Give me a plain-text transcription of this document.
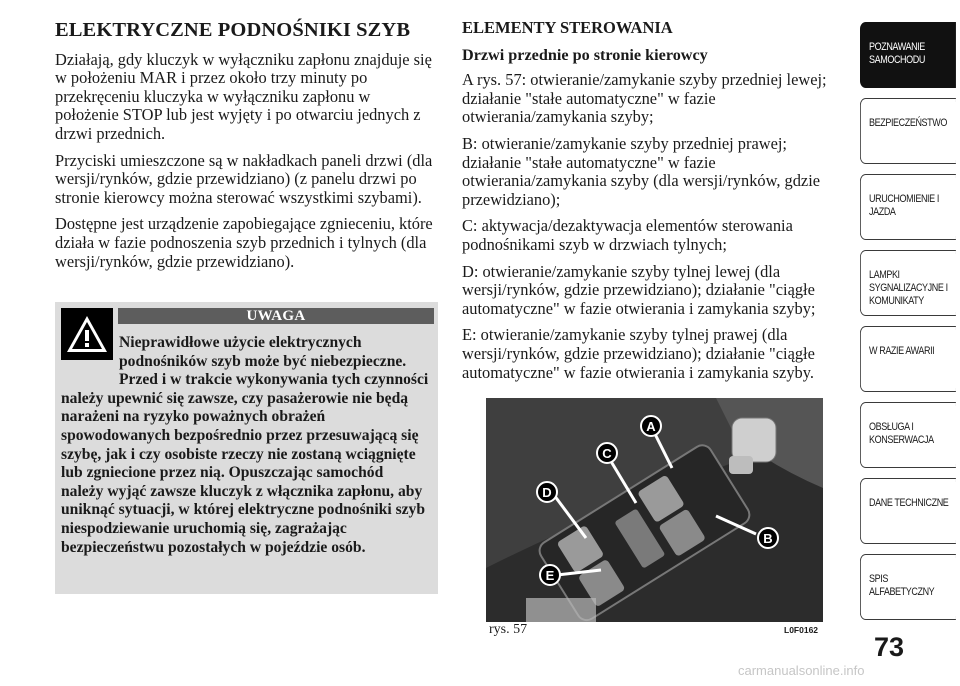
ELEKTRYCZNE PODNOŚNIKI SZYB

Działają, gdy kluczyk w wyłączniku zapłonu znajduje się w położeniu MAR i przez około trzy minuty po przekręceniu kluczyka w wyłączniku zapłonu w położenie STOP lub jest wyjęty i po otwarciu jednych z drzwi przednich.

Przyciski umieszczone są w nakładkach paneli drzwi (dla wersji/rynków, gdzie przewidziano) (z panelu drzwi po stronie kierowcy można sterować wszystkimi szybami).

Dostępne jest urządzenie zapobiegające zgnieceniu, które działa w fazie podnoszenia szyb przednich i tylnych (dla wersji/rynków, gdzie przewidziano).

UWAGA

Nieprawidłowe użycie elektrycznych podnośników szyb może być niebezpieczne. Przed i w trakcie wykonywania tych czynności należy upewnić się zawsze, czy pasażerowie nie będą narażeni na ryzyko poważnych obrażeń spowodowanych bezpośrednio przez przesuwającą się szybę, jak i czy osobiste rzeczy nie zostaną wciągnięte lub zgniecione przez nią. Opuszczając samochód należy wyjąć zawsze kluczyk z włącznika zapłonu, aby uniknąć sytuacji, w której elektryczne podnośniki szyb niespodziewanie uruchomią się, zagrażając bezpieczeństwu pozostałych w pojeździe osób.

ELEMENTY STEROWANIA
Drzwi przednie po stronie kierowcy

A rys. 57: otwieranie/zamykanie szyby przedniej lewej; działanie "stałe automatyczne" w fazie otwierania/zamykania szyby;

B: otwieranie/zamykanie szyby przedniej prawej; działanie "stałe automatyczne" w fazie otwierania/zamykania szyby (dla wersji/rynków, gdzie przewidziano);

C: aktywacja/dezaktywacja elementów sterowania podnośnikami szyb w drzwiach tylnych;

D: otwieranie/zamykanie szyby tylnej lewej (dla wersji/rynków, gdzie przewidziano); działanie "ciągłe automatyczne" w fazie otwierania i zamykania szyby;

E: otwieranie/zamykanie szyby tylnej prawej (dla wersji/rynków, gdzie przewidziano); działanie "ciągłe automatyczne" w fazie otwierania i zamykania szyby.

A
B
C
D
E
rys. 57	L0F0162
POZNAWANIE SAMOCHODU
BEZPIECZEŃSTWO
URUCHOMIENIE I JAZDA
LAMPKI SYGNALIZACYJNE I KOMUNIKATY
W RAZIE AWARII
OBSŁUGA I KONSERWACJA
DANE TECHNICZNE
SPIS ALFABETYCZNY
73
carmanualsonline.info
